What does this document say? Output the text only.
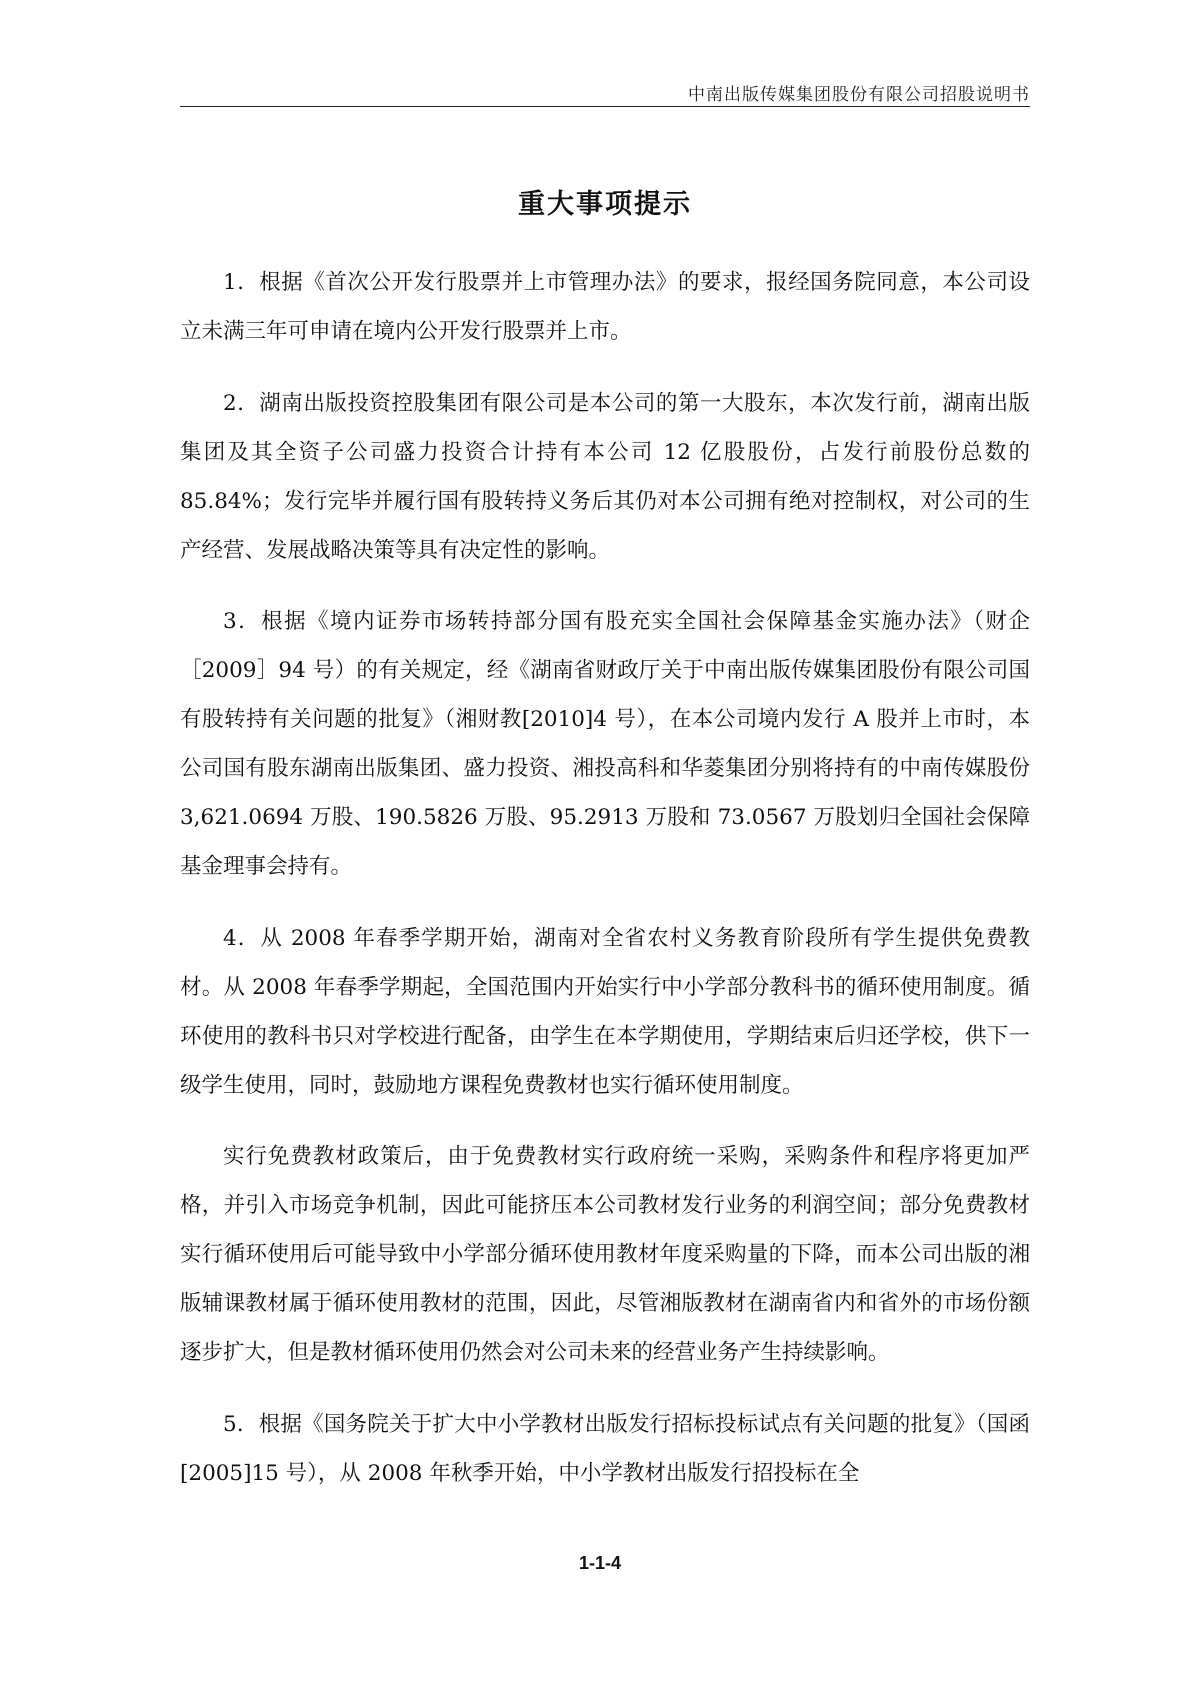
中南出版传媒集团股份有限公司招股说明书
重大事项提示

1．根据《首次公开发行股票并上市管理办法》的要求，报经国务院同意，本公司设立未满三年可申请在境内公开发行股票并上市。

2．湖南出版投资控股集团有限公司是本公司的第一大股东，本次发行前，湖南出版集团及其全资子公司盛力投资合计持有本公司 12 亿股股份，占发行前股份总数的 85.84%；发行完毕并履行国有股转持义务后其仍对本公司拥有绝对控制权，对公司的生产经营、发展战略决策等具有决定性的影响。

3．根据《境内证券市场转持部分国有股充实全国社会保障基金实施办法》（财企［2009］94 号）的有关规定，经《湖南省财政厅关于中南出版传媒集团股份有限公司国有股转持有关问题的批复》（湘财教[2010]4 号），在本公司境内发行 A 股并上市时，本公司国有股东湖南出版集团、盛力投资、湘投高科和华菱集团分别将持有的中南传媒股份 3,621.0694 万股、190.5826 万股、95.2913 万股和 73.0567 万股划归全国社会保障基金理事会持有。

4．从 2008 年春季学期开始，湖南对全省农村义务教育阶段所有学生提供免费教材。从 2008 年春季学期起，全国范围内开始实行中小学部分教科书的循环使用制度。循环使用的教科书只对学校进行配备，由学生在本学期使用，学期结束后归还学校，供下一级学生使用，同时，鼓励地方课程免费教材也实行循环使用制度。

实行免费教材政策后，由于免费教材实行政府统一采购，采购条件和程序将更加严格，并引入市场竞争机制，因此可能挤压本公司教材发行业务的利润空间；部分免费教材实行循环使用后可能导致中小学部分循环使用教材年度采购量的下降，而本公司出版的湘版辅课教材属于循环使用教材的范围，因此，尽管湘版教材在湖南省内和省外的市场份额逐步扩大，但是教材循环使用仍然会对公司未来的经营业务产生持续影响。

5．根据《国务院关于扩大中小学教材出版发行招标投标试点有关问题的批复》（国函[2005]15 号），从 2008 年秋季开始，中小学教材出版发行招投标在全

1-1-4
